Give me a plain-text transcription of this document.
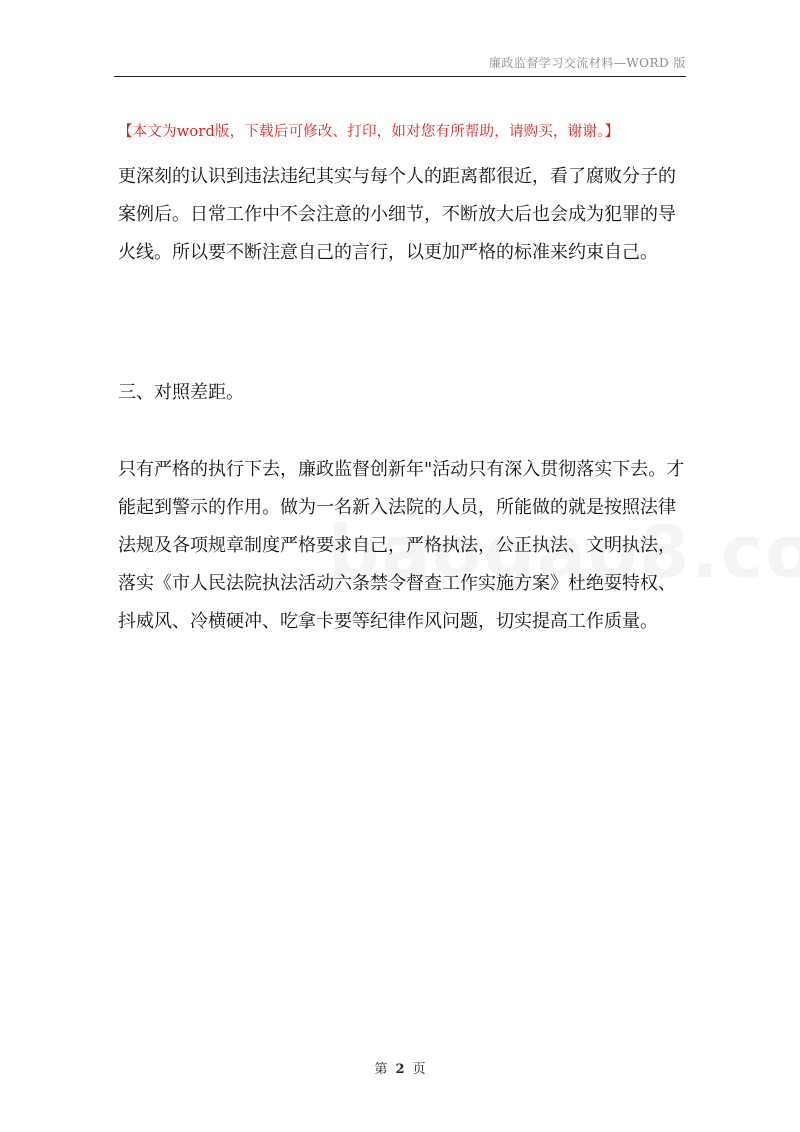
廉政监督学习交流材料—WORD 版
【本文为word版，下载后可修改、打印，如对您有所帮助，请购买，谢谢。】

更深刻的认识到违法违纪其实与每个人的距离都很近，看了腐败分子的案例后。日常工作中不会注意的小细节，不断放大后也会成为犯罪的导火线。所以要不断注意自己的言行，以更加严格的标准来约束自己。

三、对照差距。

只有严格的执行下去，廉政监督创新年"活动只有深入贯彻落实下去。才能起到警示的作用。做为一名新入法院的人员，所能做的就是按照法律法规及各项规章制度严格要求自己，严格执法，公正执法、文明执法，落实《市人民法院执法活动六条禁令督查工作实施方案》杜绝耍特权、抖威风、冷横硬冲、吃拿卡要等纪律作风问题，切实提高工作质量。

第 2 页
